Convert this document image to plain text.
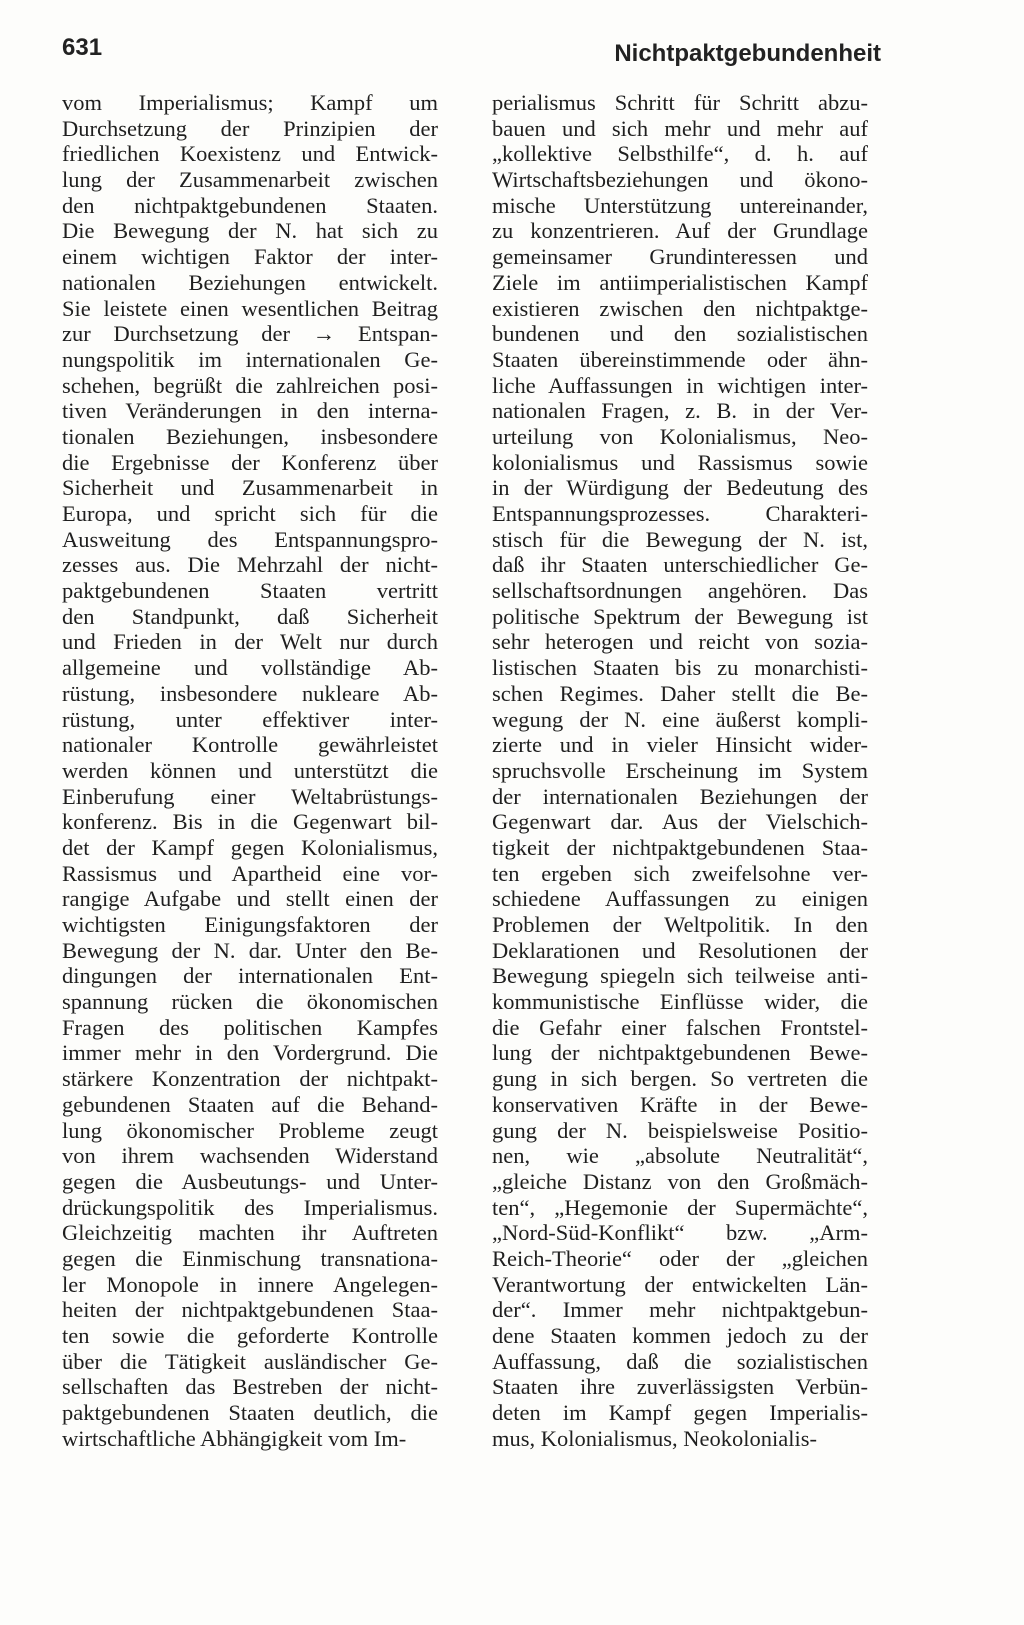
631	Nichtpaktgebundenheit
vom Imperialismus; Kampf um
Durchsetzung der Prinzipien der
friedlichen Koexistenz und Entwick-
lung der Zusammenarbeit zwischen
den nichtpaktgebundenen Staaten.
Die Bewegung der N. hat sich zu
einem wichtigen Faktor der inter-
nationalen Beziehungen entwickelt.
Sie leistete einen wesentlichen Beitrag
zur Durchsetzung der → Entspan-
nungspolitik im internationalen Ge-
schehen, begrüßt die zahlreichen posi-
tiven Veränderungen in den interna-
tionalen Beziehungen, insbesondere
die Ergebnisse der Konferenz über
Sicherheit und Zusammenarbeit in
Europa, und spricht sich für die
Ausweitung des Entspannungspro-
zesses aus. Die Mehrzahl der nicht-
paktgebundenen Staaten vertritt
den Standpunkt, daß Sicherheit
und Frieden in der Welt nur durch
allgemeine und vollständige Ab-
rüstung, insbesondere nukleare Ab-
rüstung, unter effektiver inter-
nationaler Kontrolle gewährleistet
werden können und unterstützt die
Einberufung einer Weltabrüstungs-
konferenz. Bis in die Gegenwart bil-
det der Kampf gegen Kolonialismus,
Rassismus und Apartheid eine vor-
rangige Aufgabe und stellt einen der
wichtigsten Einigungsfaktoren der
Bewegung der N. dar. Unter den Be-
dingungen der internationalen Ent-
spannung rücken die ökonomischen
Fragen des politischen Kampfes
immer mehr in den Vordergrund. Die
stärkere Konzentration der nichtpakt-
gebundenen Staaten auf die Behand-
lung ökonomischer Probleme zeugt
von ihrem wachsenden Widerstand
gegen die Ausbeutungs- und Unter-
drückungspolitik des Imperialismus.
Gleichzeitig machten ihr Auftreten
gegen die Einmischung transnationa-
ler Monopole in innere Angelegen-
heiten der nichtpaktgebundenen Staa-
ten sowie die geforderte Kontrolle
über die Tätigkeit ausländischer Ge-
sellschaften das Bestreben der nicht-
paktgebundenen Staaten deutlich, die
wirtschaftliche Abhängigkeit vom Im-
perialismus Schritt für Schritt abzu-
bauen und sich mehr und mehr auf
„kollektive Selbsthilfe“, d. h. auf
Wirtschaftsbeziehungen und ökono-
mische Unterstützung untereinander,
zu konzentrieren. Auf der Grundlage
gemeinsamer Grundinteressen und
Ziele im antiimperialistischen Kampf
existieren zwischen den nichtpaktge-
bundenen und den sozialistischen
Staaten übereinstimmende oder ähn-
liche Auffassungen in wichtigen inter-
nationalen Fragen, z. B. in der Ver-
urteilung von Kolonialismus, Neo-
kolonialismus und Rassismus sowie
in der Würdigung der Bedeutung des
Entspannungsprozesses. Charakteri-
stisch für die Bewegung der N. ist,
daß ihr Staaten unterschiedlicher Ge-
sellschaftsordnungen angehören. Das
politische Spektrum der Bewegung ist
sehr heterogen und reicht von sozia-
listischen Staaten bis zu monarchisti-
schen Regimes. Daher stellt die Be-
wegung der N. eine äußerst kompli-
zierte und in vieler Hinsicht wider-
spruchsvolle Erscheinung im System
der internationalen Beziehungen der
Gegenwart dar. Aus der Vielschich-
tigkeit der nichtpaktgebundenen Staa-
ten ergeben sich zweifelsohne ver-
schiedene Auffassungen zu einigen
Problemen der Weltpolitik. In den
Deklarationen und Resolutionen der
Bewegung spiegeln sich teilweise anti-
kommunistische Einflüsse wider, die
die Gefahr einer falschen Frontstel-
lung der nichtpaktgebundenen Bewe-
gung in sich bergen. So vertreten die
konservativen Kräfte in der Bewe-
gung der N. beispielsweise Positio-
nen, wie „absolute Neutralität“,
„gleiche Distanz von den Großmäch-
ten“, „Hegemonie der Supermächte“,
„Nord-Süd-Konflikt“ bzw. „Arm-
Reich-Theorie“ oder der „gleichen
Verantwortung der entwickelten Län-
der“. Immer mehr nichtpaktgebun-
dene Staaten kommen jedoch zu der
Auffassung, daß die sozialistischen
Staaten ihre zuverlässigsten Verbün-
deten im Kampf gegen Imperialis-
mus, Kolonialismus, Neokolonialis-
